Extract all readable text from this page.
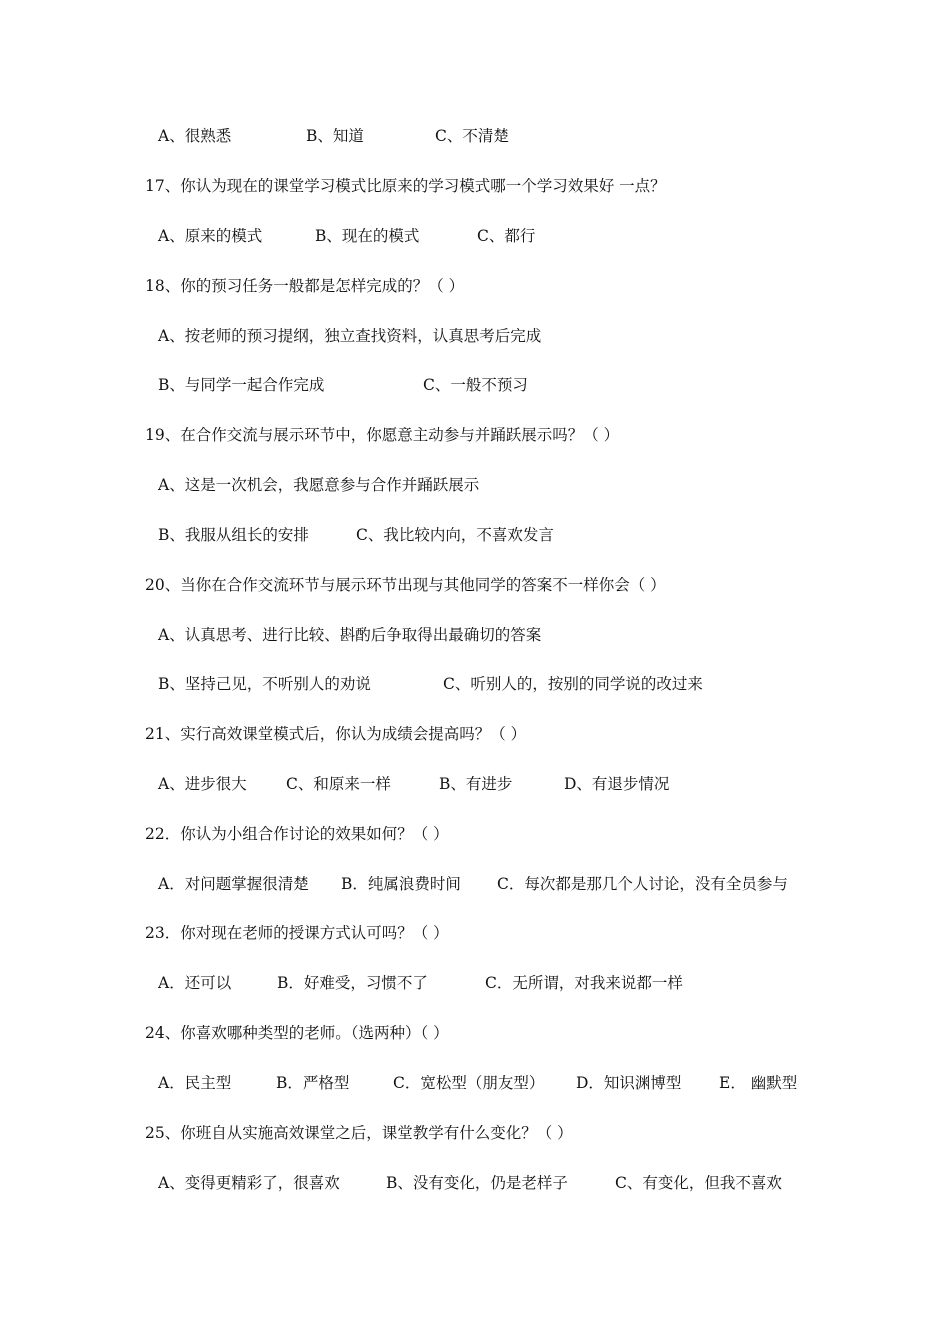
A、很熟悉	B、知道	C、不清楚
17、你认为现在的课堂学习模式比原来的学习模式哪一个学习效果好 一点？
A、原来的模式	B、现在的模式	C、都行
18、你的预习任务一般都是怎样完成的？（ ）
A、按老师的预习提纲，独立查找资料，认真思考后完成
B、与同学一起合作完成	C、一般不预习
19、在合作交流与展示环节中，你愿意主动参与并踊跃展示吗？（ ）
A、这是一次机会，我愿意参与合作并踊跃展示
B、我服从组长的安排	C、我比较内向，不喜欢发言
20、当你在合作交流环节与展示环节出现与其他同学的答案不一样你会（ ）
A、认真思考、进行比较、斟酌后争取得出最确切的答案
B、坚持己见，不听别人的劝说	C、听别人的，按别的同学说的改过来
21、实行高效课堂模式后，你认为成绩会提高吗？（ ）
A、进步很大	C、和原来一样	B、有进步	D、有退步情况
22．你认为小组合作讨论的效果如何？（ ）
A．对问题掌握很清楚 B．纯属浪费时间 C．每次都是那几个人讨论，没有全员参与
23．你对现在老师的授课方式认可吗？（ ）
A．还可以	B．好难受，习惯不了	C．无所谓，对我来说都一样
24、你喜欢哪种类型的老师。（选两种）（ ）
A．民主型	B．严格型	C．宽松型（朋友型） D．知识渊博型 E． 幽默型
25、你班自从实施高效课堂之后，课堂教学有什么变化？（ ）
A、变得更精彩了，很喜欢	B、没有变化，仍是老样子	C、有变化，但我不喜欢
